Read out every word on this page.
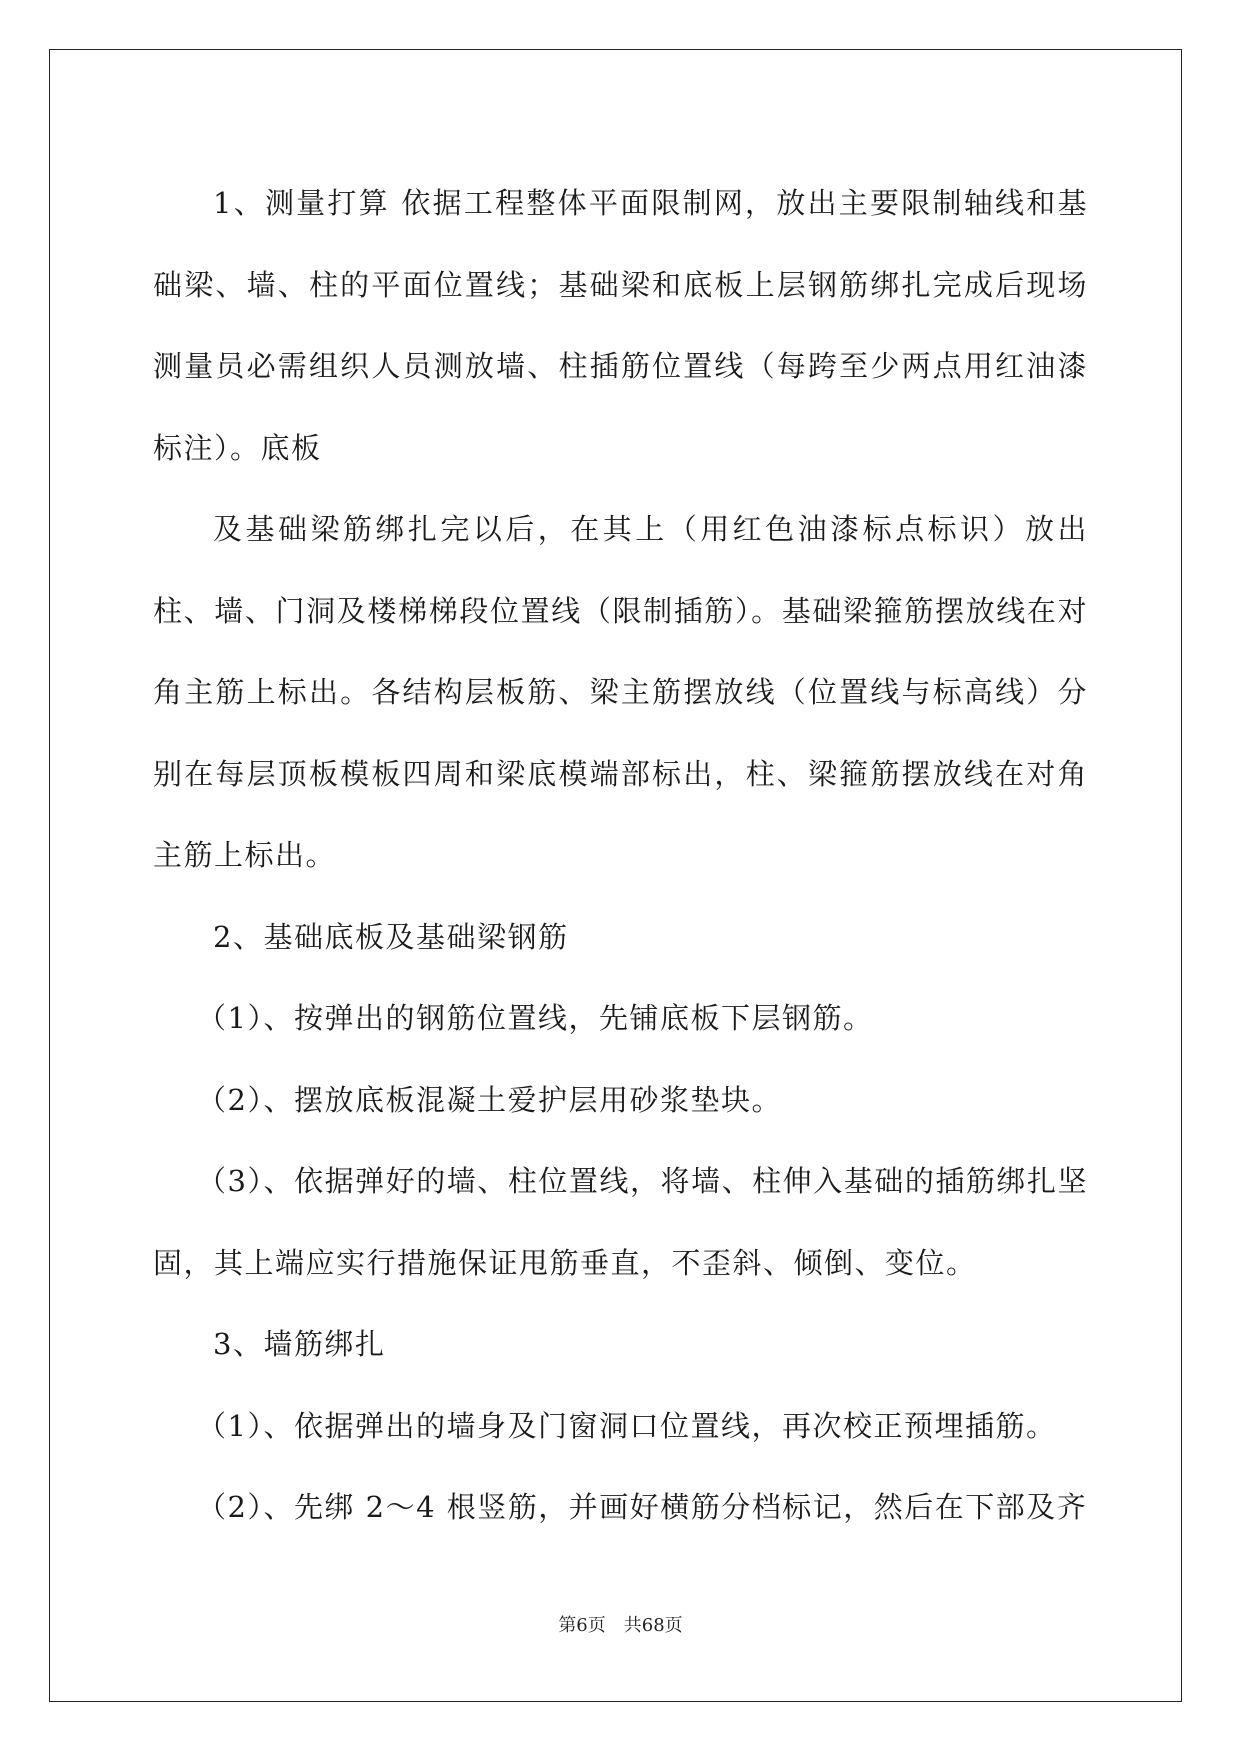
1、测量打算 依据工程整体平面限制网，放出主要限制轴线和基础梁、墙、柱的平面位置线；基础梁和底板上层钢筋绑扎完成后现场测量员必需组织人员测放墙、柱插筋位置线（每跨至少两点用红油漆标注）。底板

及基础梁筋绑扎完以后，在其上（用红色油漆标点标识）放出柱、墙、门洞及楼梯梯段位置线（限制插筋）。基础梁箍筋摆放线在对角主筋上标出。各结构层板筋、梁主筋摆放线（位置线与标高线）分别在每层顶板模板四周和梁底模端部标出，柱、梁箍筋摆放线在对角主筋上标出。

2、基础底板及基础梁钢筋

（1）、按弹出的钢筋位置线，先铺底板下层钢筋。

（2）、摆放底板混凝土爱护层用砂浆垫块。

（3）、依据弹好的墙、柱位置线，将墙、柱伸入基础的插筋绑扎坚固，其上端应实行措施保证甩筋垂直，不歪斜、倾倒、变位。

3、墙筋绑扎

（1）、依据弹出的墙身及门窗洞口位置线，再次校正预埋插筋。

（2）、先绑 2～4 根竖筋，并画好横筋分档标记，然后在下部及齐

第6页 共68页
